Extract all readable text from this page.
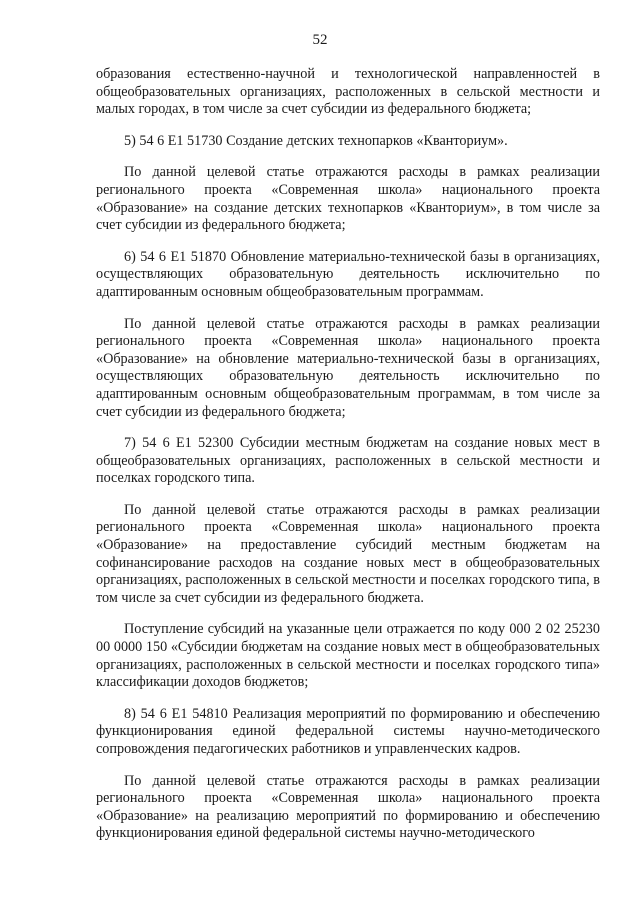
52

образования естественно-научной и технологической направленностей в общеобразовательных организациях, расположенных в сельской местности и малых городах, в том числе за счет субсидии из федерального бюджета;

5) 54 6 E1 51730 Создание детских технопарков «Кванториум».

По данной целевой статье отражаются расходы в рамках реализации регионального проекта «Современная школа» национального проекта «Образование» на создание детских технопарков «Кванториум», в том числе за счет субсидии из федерального бюджета;

6) 54 6 E1 51870 Обновление материально-технической базы в организациях, осуществляющих образовательную деятельность исключительно по адаптированным основным общеобразовательным программам.

По данной целевой статье отражаются расходы в рамках реализации регионального проекта «Современная школа» национального проекта «Образование» на обновление материально-технической базы в организациях, осуществляющих образовательную деятельность исключительно по адаптированным основным общеобразовательным программам, в том числе за счет субсидии из федерального бюджета;

7) 54 6 E1 52300 Субсидии местным бюджетам на создание новых мест в общеобразовательных организациях, расположенных в сельской местности и поселках городского типа.

По данной целевой статье отражаются расходы в рамках реализации регионального проекта «Современная школа» национального проекта «Образование» на предоставление субсидий местным бюджетам на софинансирование расходов на создание новых мест в общеобразовательных организациях, расположенных в сельской местности и поселках городского типа, в том числе за счет субсидии из федерального бюджета.

Поступление субсидий на указанные цели отражается по коду 000 2 02 25230 00 0000 150 «Субсидии бюджетам на создание новых мест в общеобразовательных организациях, расположенных в сельской местности и поселках городского типа» классификации доходов бюджетов;

8) 54 6 E1 54810 Реализация мероприятий по формированию и обеспечению функционирования единой федеральной системы научно-методического сопровождения педагогических работников и управленческих кадров.

По данной целевой статье отражаются расходы в рамках реализации регионального проекта «Современная школа» национального проекта «Образование» на реализацию мероприятий по формированию и обеспечению функционирования единой федеральной системы научно-методического
